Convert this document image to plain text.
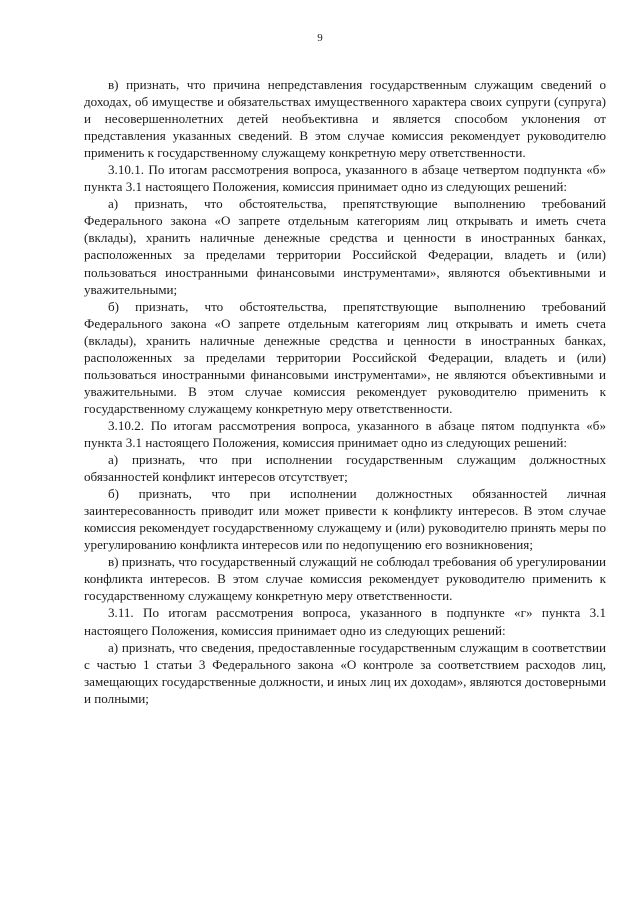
9

в) признать, что причина непредставления государственным служащим сведений о доходах, об имуществе и обязательствах имущественного характера своих супруги (супруга) и несовершеннолетних детей необъективна и является способом уклонения от представления указанных сведений. В этом случае комиссия рекомендует руководителю применить к государственному служащему конкретную меру ответственности.

3.10.1. По итогам рассмотрения вопроса, указанного в абзаце четвертом подпункта «б» пункта 3.1 настоящего Положения, комиссия принимает одно из следующих решений:

а) признать, что обстоятельства, препятствующие выполнению требований Федерального закона «О запрете отдельным категориям лиц открывать и иметь счета (вклады), хранить наличные денежные средства и ценности в иностранных банках, расположенных за пределами территории Российской Федерации, владеть и (или) пользоваться иностранными финансовыми инструментами», являются объективными и уважительными;

б) признать, что обстоятельства, препятствующие выполнению требований Федерального закона «О запрете отдельным категориям лиц открывать и иметь счета (вклады), хранить наличные денежные средства и ценности в иностранных банках, расположенных за пределами территории Российской Федерации, владеть и (или) пользоваться иностранными финансовыми инструментами», не являются объективными и уважительными. В этом случае комиссия рекомендует руководителю применить к государственному служащему конкретную меру ответственности.

3.10.2. По итогам рассмотрения вопроса, указанного в абзаце пятом подпункта «б» пункта 3.1 настоящего Положения, комиссия принимает одно из следующих решений:

а) признать, что при исполнении государственным служащим должностных обязанностей конфликт интересов отсутствует;

б) признать, что при исполнении должностных обязанностей личная заинтересованность приводит или может привести к конфликту интересов. В этом случае комиссия рекомендует государственному служащему и (или) руководителю принять меры по урегулированию конфликта интересов или по недопущению его возникновения;

в) признать, что государственный служащий не соблюдал требования об урегулировании конфликта интересов. В этом случае комиссия рекомендует руководителю применить к государственному служащему конкретную меру ответственности.

3.11. По итогам рассмотрения вопроса, указанного в подпункте «г» пункта 3.1 настоящего Положения, комиссия принимает одно из следующих решений:

а) признать, что сведения, предоставленные государственным служащим в соответствии с частью 1 статьи 3 Федерального закона «О контроле за соответствием расходов лиц, замещающих государственные должности, и иных лиц их доходам», являются достоверными и полными;
